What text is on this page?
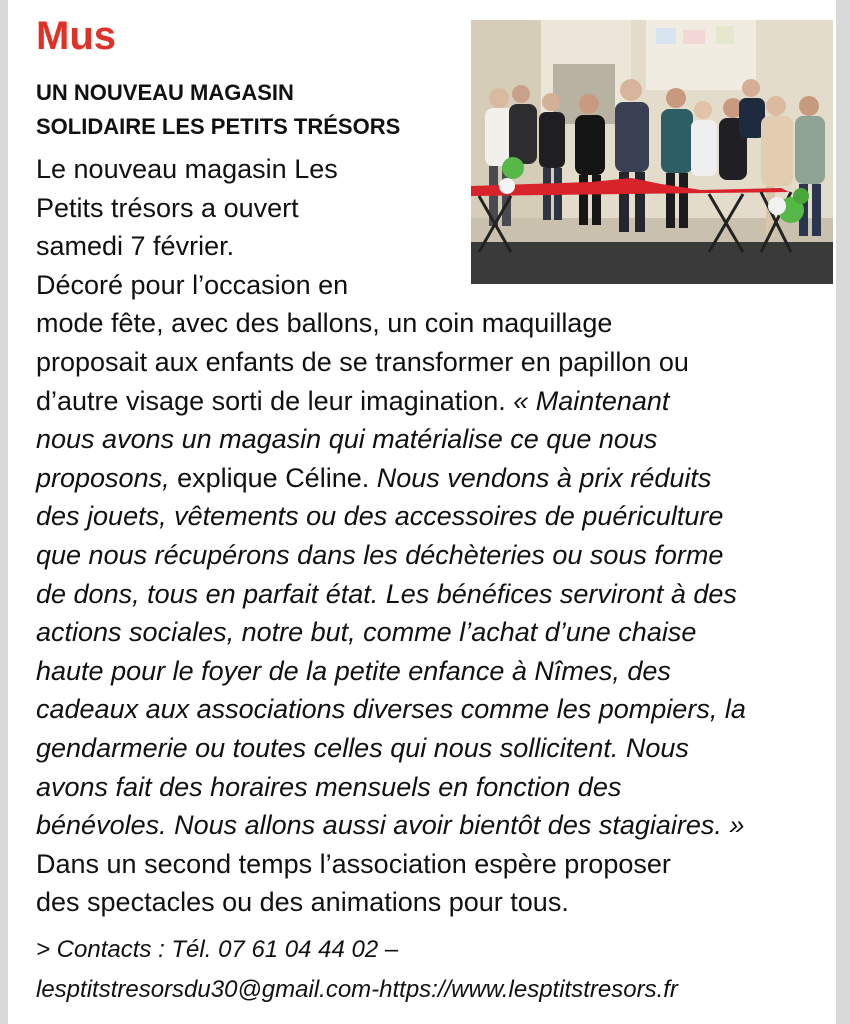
Mus
UN NOUVEAU MAGASIN
SOLIDAIRE LES PETITS TRÉSORS
Le nouveau magasin Les
Petits trésors a ouvert
samedi 7 février.
Décoré pour l’occasion en
mode fête, avec des ballons, un coin maquillage
proposait aux enfants de se transformer en papillon ou
d’autre visage sorti de leur imagination. « Maintenant
nous avons un magasin qui matérialise ce que nous
proposons, explique Céline. Nous vendons à prix réduits
des jouets, vêtements ou des accessoires de puériculture
que nous récupérons dans les déchèteries ou sous forme
de dons, tous en parfait état. Les bénéfices serviront à des
actions sociales, notre but, comme l’achat d’une chaise
haute pour le foyer de la petite enfance à Nîmes, des
cadeaux aux associations diverses comme les pompiers, la
gendarmerie ou toutes celles qui nous sollicitent. Nous
avons fait des horaires mensuels en fonction des
bénévoles. Nous allons aussi avoir bientôt des stagiaires. »
Dans un second temps l’association espère proposer
des spectacles ou des animations pour tous.
> Contacts : Tél. 07 61 04 44 02 –
lesptitstresorsdu30@gmail.com-https://www.lesptitstresors.fr
